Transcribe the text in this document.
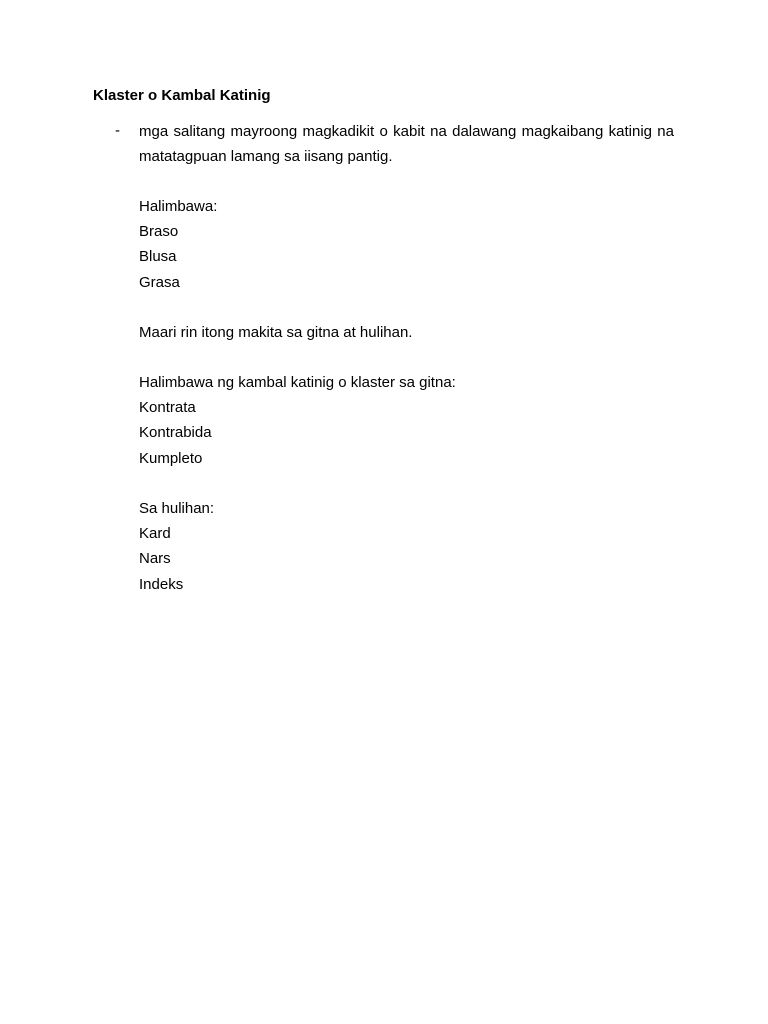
Klaster o Kambal Katinig
- mga salitang mayroong magkadikit o kabit na dalawang magkaibang katinig na matatagpuan lamang sa iisang pantig.
Halimbawa:
Braso
Blusa
Grasa
Maari rin itong makita sa gitna at hulihan.
Halimbawa ng kambal katinig o klaster sa gitna:
Kontrata
Kontrabida
Kumpleto
Sa hulihan:
Kard
Nars
Indeks
